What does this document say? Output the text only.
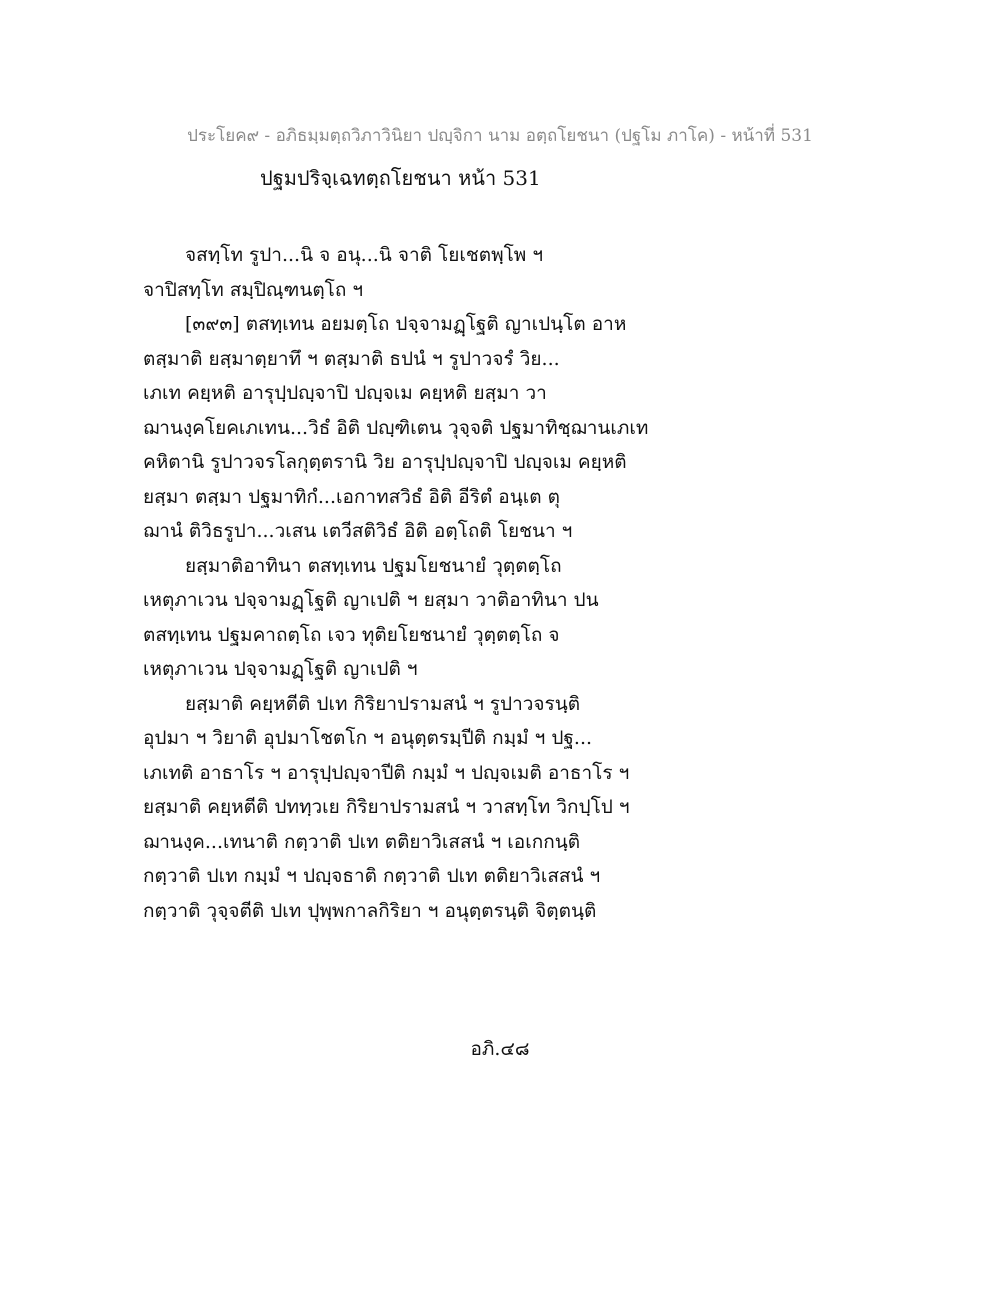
ประโยค๙ - อภิธมฺมตฺถวิภาวินิยา ปญฺจิกา นาม อตฺถโยชนา (ปฐโม ภาโค) - หน้าที่ 531
ปฐมปริจฺเฉทตฺถโยชนา หน้า 531
จสทฺโท รูปา...นิ จ อนุ...นิ จาติ โยเชตพฺโพ ฯ
จาปิสทฺโท สมฺปิณฺฑนตฺโถ ฯ
[๓๙๓] ตสทฺเทน อยมตฺโถ ปจฺจามฏฺโฐติ ญาเปนฺโต อาห
ตสฺมาติ ยสฺมาตฺยาทึ ฯ ตสฺมาติ ธปนํ ฯ รูปาวจรํ วิย...
เภเท คยฺหติ อารุปฺปญฺจาปิ ปญฺจเม คยฺหติ ยสฺมา วา
ฌานงฺคโยคเภเทน...วิธํ อิติ ปญฺฑิเตน วุจฺจติ ปฐมาทิชฺฌานเภเท
คหิตานิ รูปาวจรโลกุตฺตรานิ วิย อารุปฺปญฺจาปิ ปญฺจเม คยฺหติ
ยสฺมา ตสฺมา ปฐมาทิกํ...เอกาทสวิธํ อิติ อีริตํ อนฺเต ตุ
ฌานํ ติวิธรูปา...วเสน เตวีสติวิธํ อิติ อตฺโถติ โยชนา ฯ
ยสฺมาติอาทินา ตสทฺเทน ปฐมโยชนายํ วุตฺตตฺโถ
เหตุภาเวน ปจฺจามฏฺโฐติ ญาเปติ ฯ ยสฺมา วาติอาทินา ปน
ตสทฺเทน ปฐมคาถตฺโถ เจว ทุติยโยชนายํ วุตฺตตฺโถ จ
เหตุภาเวน ปจฺจามฏฺโฐติ ญาเปติ ฯ
ยสฺมาติ คยฺหตีติ ปเท กิริยาปรามสนํ ฯ รูปาวจรนฺติ
อุปมา ฯ วิยาติ อุปมาโชตโก ฯ อนุตฺตรมฺปีติ กมฺมํ ฯ ปฐ...
เภเทติ อาธาโร ฯ อารุปฺปญฺจาปีติ กมฺมํ ฯ ปญฺจเมติ อาธาโร ฯ
ยสฺมาติ คยฺหตีติ ปททฺวเย กิริยาปรามสนํ ฯ วาสทฺโท วิกปฺโป ฯ
ฌานงฺค...เทนาติ กตฺวาติ ปเท ตติยาวิเสสนํ ฯ เอเกกนฺติ
กตฺวาติ ปเท กมฺมํ ฯ ปญฺจธาติ กตฺวาติ ปเท ตติยาวิเสสนํ ฯ
กตฺวาติ วุจฺจตีติ ปเท ปุพฺพกาลกิริยา ฯ อนุตฺตรนฺติ จิตฺตนฺติ
อภิ.๔๘
